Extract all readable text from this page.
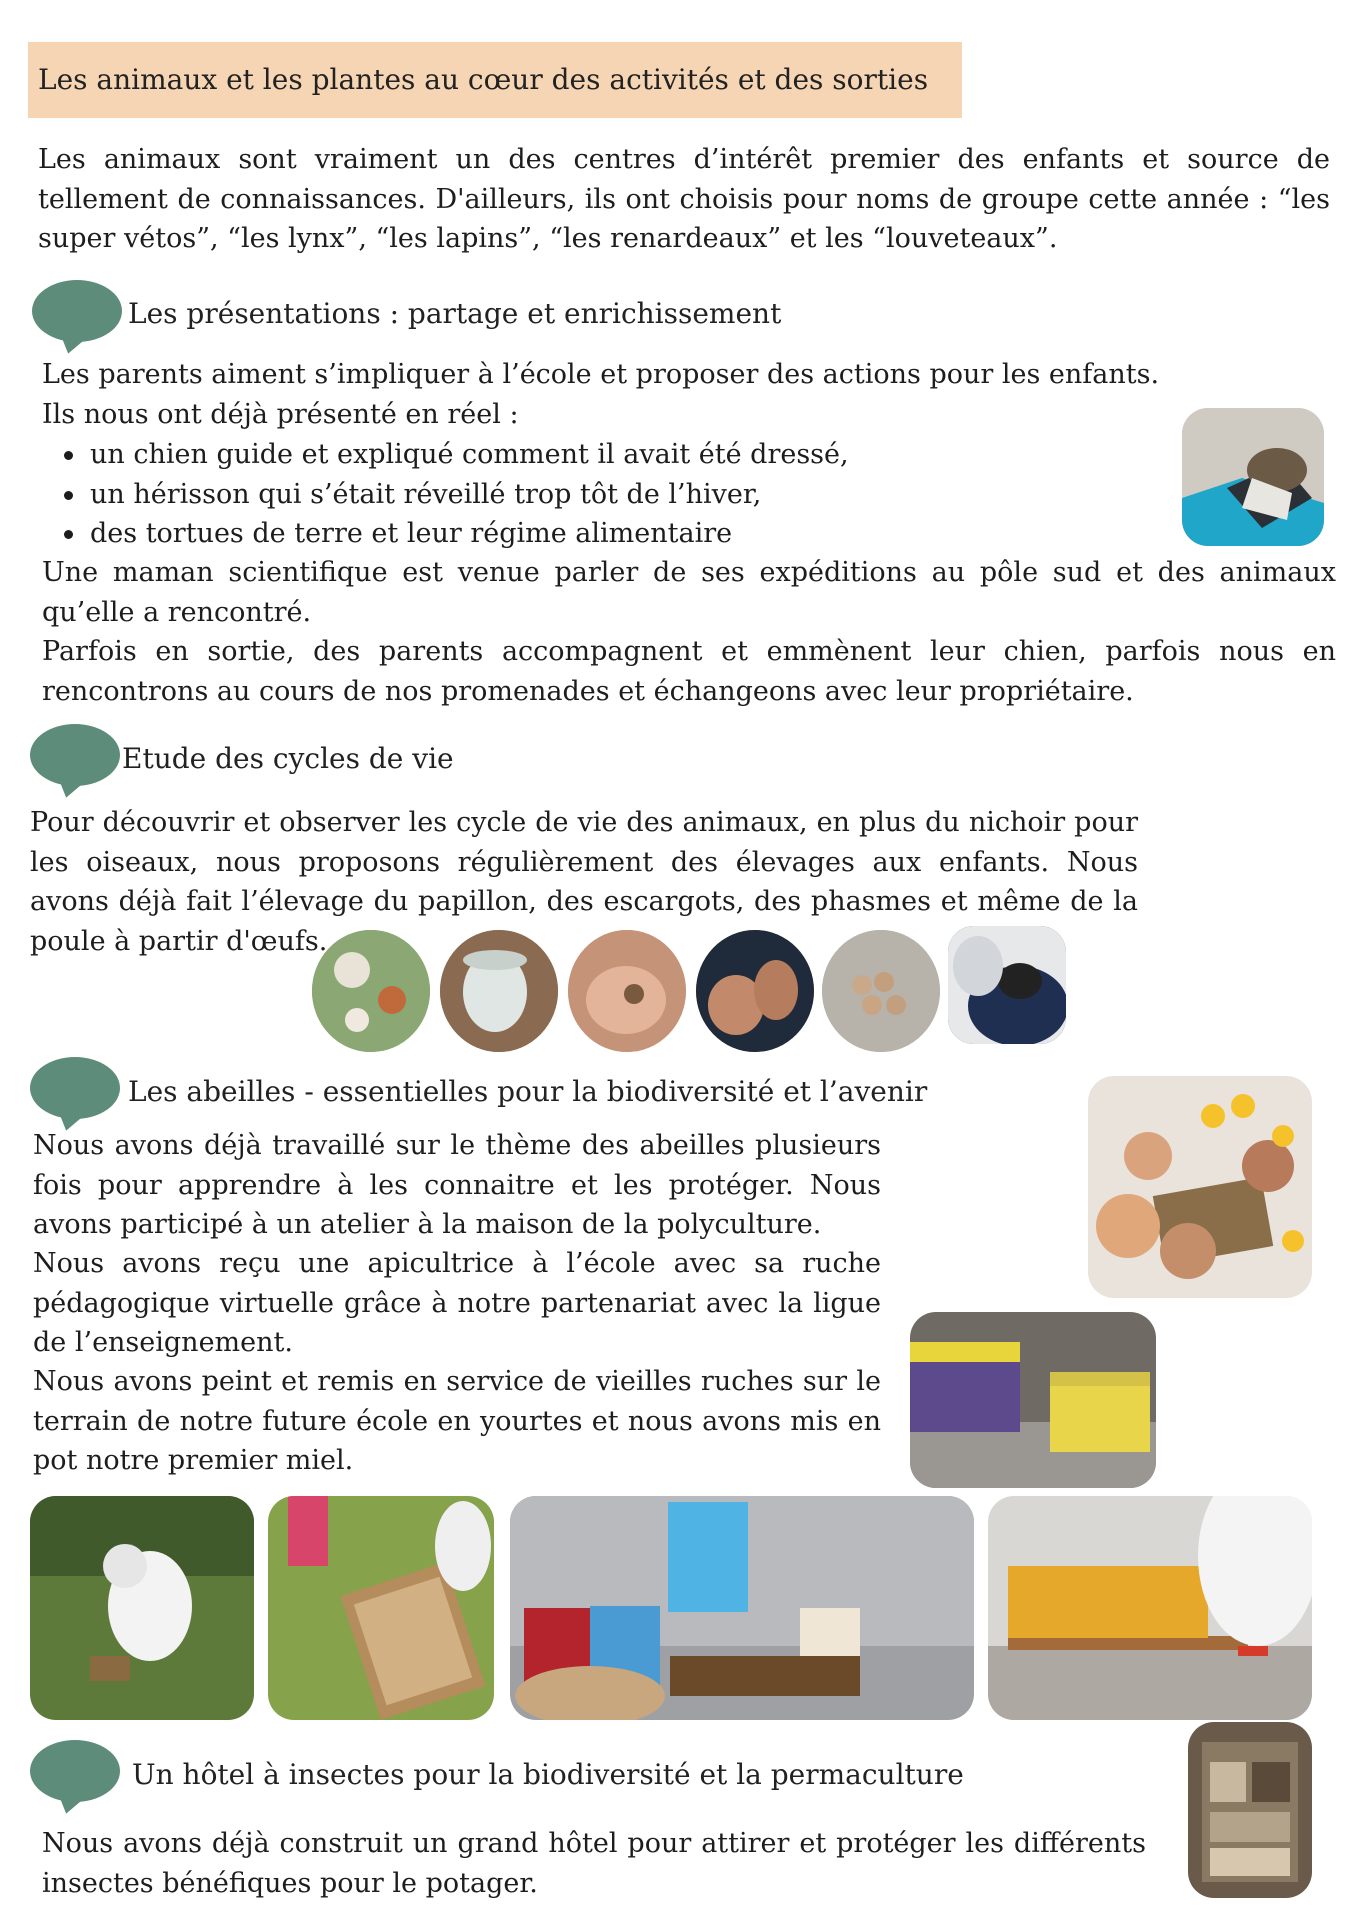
Les animaux et les plantes au cœur des activités et des sorties
Les animaux sont vraiment un des centres d’intérêt premier des enfants et source de tellement de connaissances. D'ailleurs, ils ont choisis pour noms de groupe cette année : “les super vétos”, “les lynx”, “les lapins”, “les renardeaux” et les “louveteaux”.
Les présentations : partage et enrichissement
Les parents aiment s’impliquer à l’école et proposer des actions pour les enfants.
Ils nous ont déjà présenté en réel :
un chien guide et expliqué comment il avait été dressé,
un hérisson qui s’était réveillé trop tôt de l’hiver,
des tortues de terre et leur régime alimentaire
Une maman scientifique est venue parler de ses expéditions au pôle sud et des animaux qu’elle a rencontré.
Parfois en sortie, des parents accompagnent et emmènent leur chien, parfois nous en rencontrons au cours de nos promenades et échangeons avec leur propriétaire.
Etude des cycles de vie
Pour découvrir et observer les cycle de vie des animaux, en plus du nichoir pour les oiseaux, nous proposons régulièrement des élevages aux enfants. Nous avons déjà fait l’élevage du papillon, des escargots, des phasmes et même de la poule à partir d'œufs.
Les abeilles - essentielles pour la biodiversité et l’avenir
Nous avons déjà travaillé sur le thème des abeilles plusieurs fois pour apprendre à les connaitre et les protéger. Nous avons participé à un atelier à la maison de la polyculture.
Nous avons reçu une apicultrice à l’école avec sa ruche pédagogique virtuelle grâce à notre partenariat avec la ligue de l’enseignement.
Nous avons peint et remis en service de vieilles ruches sur le terrain de notre future école en yourtes et nous avons mis en pot notre premier miel.
Un hôtel à insectes pour la biodiversité et la permaculture
Nous avons déjà construit un grand hôtel pour attirer et protéger les différents insectes bénéfiques pour le potager.
